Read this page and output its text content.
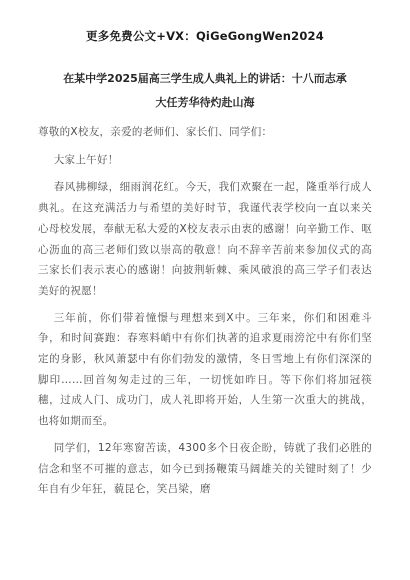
更多免费公文+VX：QiGeGongWen2024
在某中学2025届高三学生成人典礼上的讲话：十八而志承
大任芳华待灼赴山海

尊敬的X校友，亲爱的老师们、家长们、同学们：

大家上午好！

春风拂柳绿，细雨润花红。今天，我们欢聚在一起，隆重举行成人典礼。在这充满活力与希望的美好时节，我谨代表学校向一直以来关心母校发展，奉献无私大爱的X校友表示由衷的感谢！向辛勤工作、呕心沥血的高三老师们致以崇高的敬意！向不辞辛苦前来参加仪式的高三家长们表示衷心的感谢！向披荆斩棘、乘风破浪的高三学子们表达美好的祝愿！

三年前，你们带着憧憬与理想来到X中。三年来，你们和困难斗争，和时间赛跑：春寒料峭中有你们执著的追求夏雨滂沱中有你们坚定的身影，秋风萧瑟中有你们勃发的激情，冬日雪地上有你们深深的脚印……回首匆匆走过的三年，一切恍如昨日。等下你们将加冠筷穗，过成人门、成功门，成人礼即将开始，人生第一次重大的挑战，也将如期而至。

同学们，12年寒窗苦读，4300多个日夜企盼，铸就了我们必胜的信念和坚不可摧的意志，如今已到扬鞭策马阔雄关的关键时刻了！少年自有少年狂，藐昆仑，笑吕梁，磨
